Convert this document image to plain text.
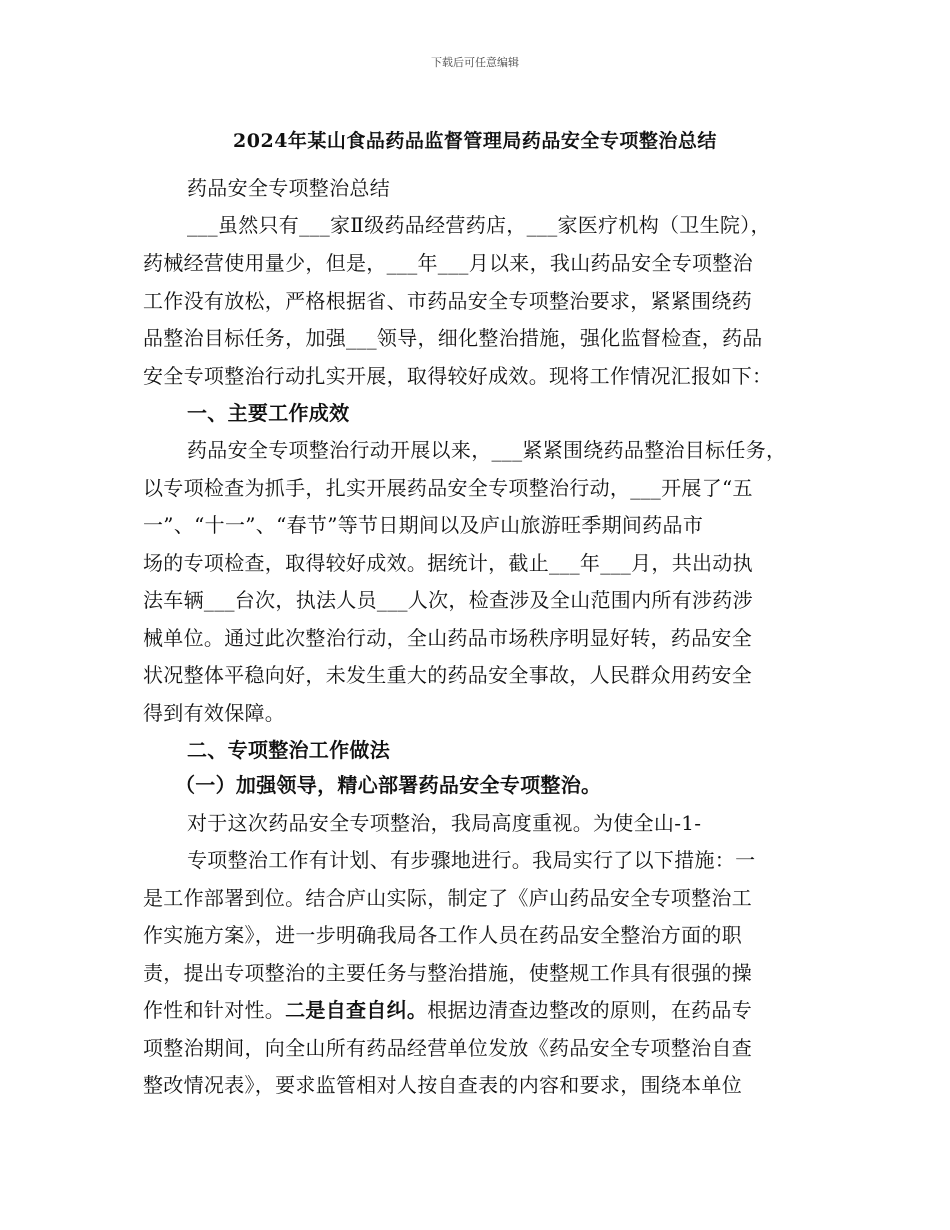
下载后可任意编辑
2024年某山食品药品监督管理局药品安全专项整治总结
药品安全专项整治总结
___虽然只有___家Ⅱ级药品经营药店，___家医疗机构（卫生院），
药械经营使用量少，但是，___年___月以来，我山药品安全专项整治
工作没有放松，严格根据省、市药品安全专项整治要求，紧紧围绕药
品整治目标任务，加强___领导，细化整治措施，强化监督检查，药品
安全专项整治行动扎实开展，取得较好成效。现将工作情况汇报如下：
一、主要工作成效
药品安全专项整治行动开展以来，___紧紧围绕药品整治目标任务，
以专项检查为抓手，扎实开展药品安全专项整治行动，___开展了“五
一”、“十一”、“春节”等节日期间以及庐山旅游旺季期间药品市
场的专项检查，取得较好成效。据统计，截止___年___月，共出动执
法车辆___台次，执法人员___人次，检查涉及全山范围内所有涉药涉
械单位。通过此次整治行动，全山药品市场秩序明显好转，药品安全
状况整体平稳向好，未发生重大的药品安全事故，人民群众用药安全
得到有效保障。
二、专项整治工作做法
（一）加强领导，精心部署药品安全专项整治。
对于这次药品安全专项整治，我局高度重视。为使全山-1-
专项整治工作有计划、有步骤地进行。我局实行了以下措施：一
是工作部署到位。结合庐山实际，制定了《庐山药品安全专项整治工
作实施方案》，进一步明确我局各工作人员在药品安全整治方面的职
责，提出专项整治的主要任务与整治措施，使整规工作具有很强的操
作性和针对性。二是自查自纠。根据边清查边整改的原则，在药品专
项整治期间，向全山所有药品经营单位发放《药品安全专项整治自查
整改情况表》，要求监管相对人按自查表的内容和要求，围绕本单位
